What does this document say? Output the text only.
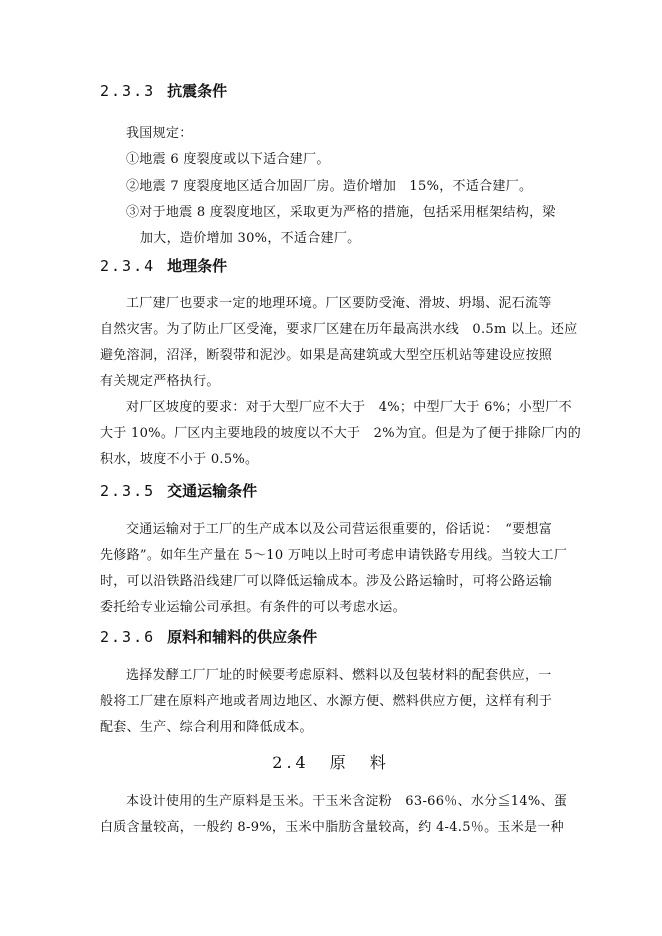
2.3.3 抗震条件
我国规定：
①地震 6 度裂度或以下适合建厂。
②地震 7 度裂度地区适合加固厂房。造价增加　15%，不适合建厂。
③对于地震 8 度裂度地区，采取更为严格的措施，包括采用框架结构，梁
加大，造价增加 30%，不适合建厂。
2.3.4 地理条件
工厂建厂也要求一定的地理环境。厂区要防受淹、滑坡、坍塌、泥石流等
自然灾害。为了防止厂区受淹，要求厂区建在历年最高洪水线　0.5m 以上。还应
避免溶洞，沼泽，断裂带和泥沙。如果是高建筑或大型空压机站等建设应按照
有关规定严格执行。
对厂区坡度的要求：对于大型厂应不大于　4%；中型厂大于 6%；小型厂不
大于 10%。厂区内主要地段的坡度以不大于　2%为宜。但是为了便于排除厂内的
积水，坡度不小于 0.5%。
2.3.5 交通运输条件
交通运输对于工厂的生产成本以及公司营运很重要的，俗话说：　“要想富
先修路”。如年生产量在 5～10 万吨以上时可考虑申请铁路专用线。当较大工厂
时，可以沿铁路沿线建厂可以降低运输成本。涉及公路运输时，可将公路运输
委托给专业运输公司承担。有条件的可以考虑水运。
2.3.6 原料和辅料的供应条件
选择发酵工厂厂址的时候要考虑原料、燃料以及包装材料的配套供应，一
般将工厂建在原料产地或者周边地区、水源方便、燃料供应方便，这样有利于
配套、生产、综合利用和降低成本。
2.4　原　料
本设计使用的生产原料是玉米。干玉米含淀粉　63-66％、水分≦14%、蛋
白质含量较高，一般约 8-9%，玉米中脂肪含量较高，约 4-4.5％。玉米是一种
